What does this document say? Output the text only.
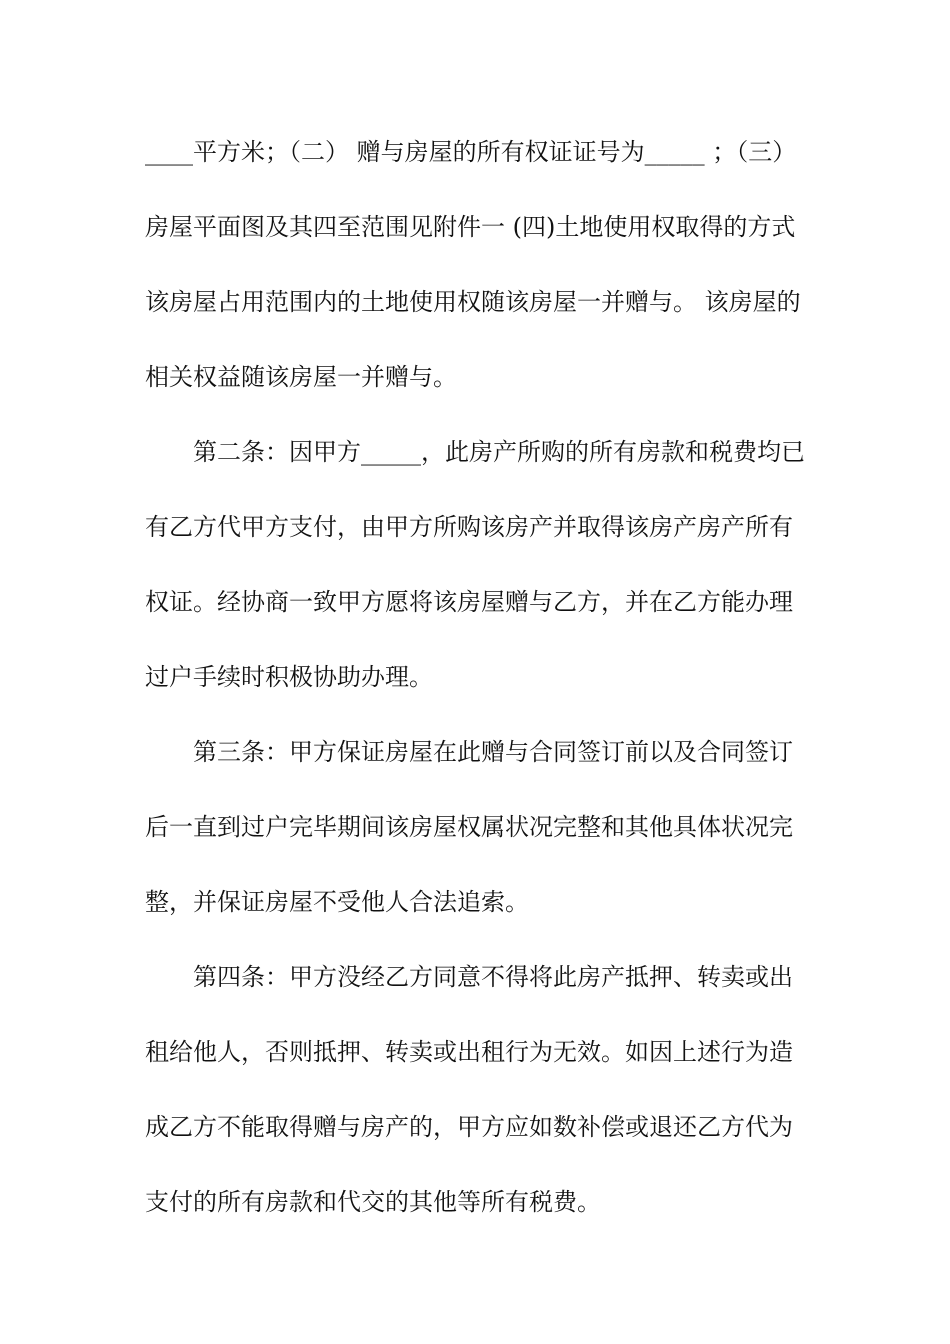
____平方米；（二） 赠与房屋的所有权证证号为_____ ；（三）
房屋平面图及其四至范围见附件一 (四)土地使用权取得的方式
该房屋占用范围内的土地使用权随该房屋一并赠与。 该房屋的
相关权益随该房屋一并赠与。
第二条：因甲方_____，此房产所购的所有房款和税费均已
有乙方代甲方支付，由甲方所购该房产并取得该房产房产所有
权证。经协商一致甲方愿将该房屋赠与乙方，并在乙方能办理
过户手续时积极协助办理。
第三条：甲方保证房屋在此赠与合同签订前以及合同签订
后一直到过户完毕期间该房屋权属状况完整和其他具体状况完
整，并保证房屋不受他人合法追索。
第四条：甲方没经乙方同意不得将此房产抵押、转卖或出
租给他人，否则抵押、转卖或出租行为无效。如因上述行为造
成乙方不能取得赠与房产的，甲方应如数补偿或退还乙方代为
支付的所有房款和代交的其他等所有税费。
